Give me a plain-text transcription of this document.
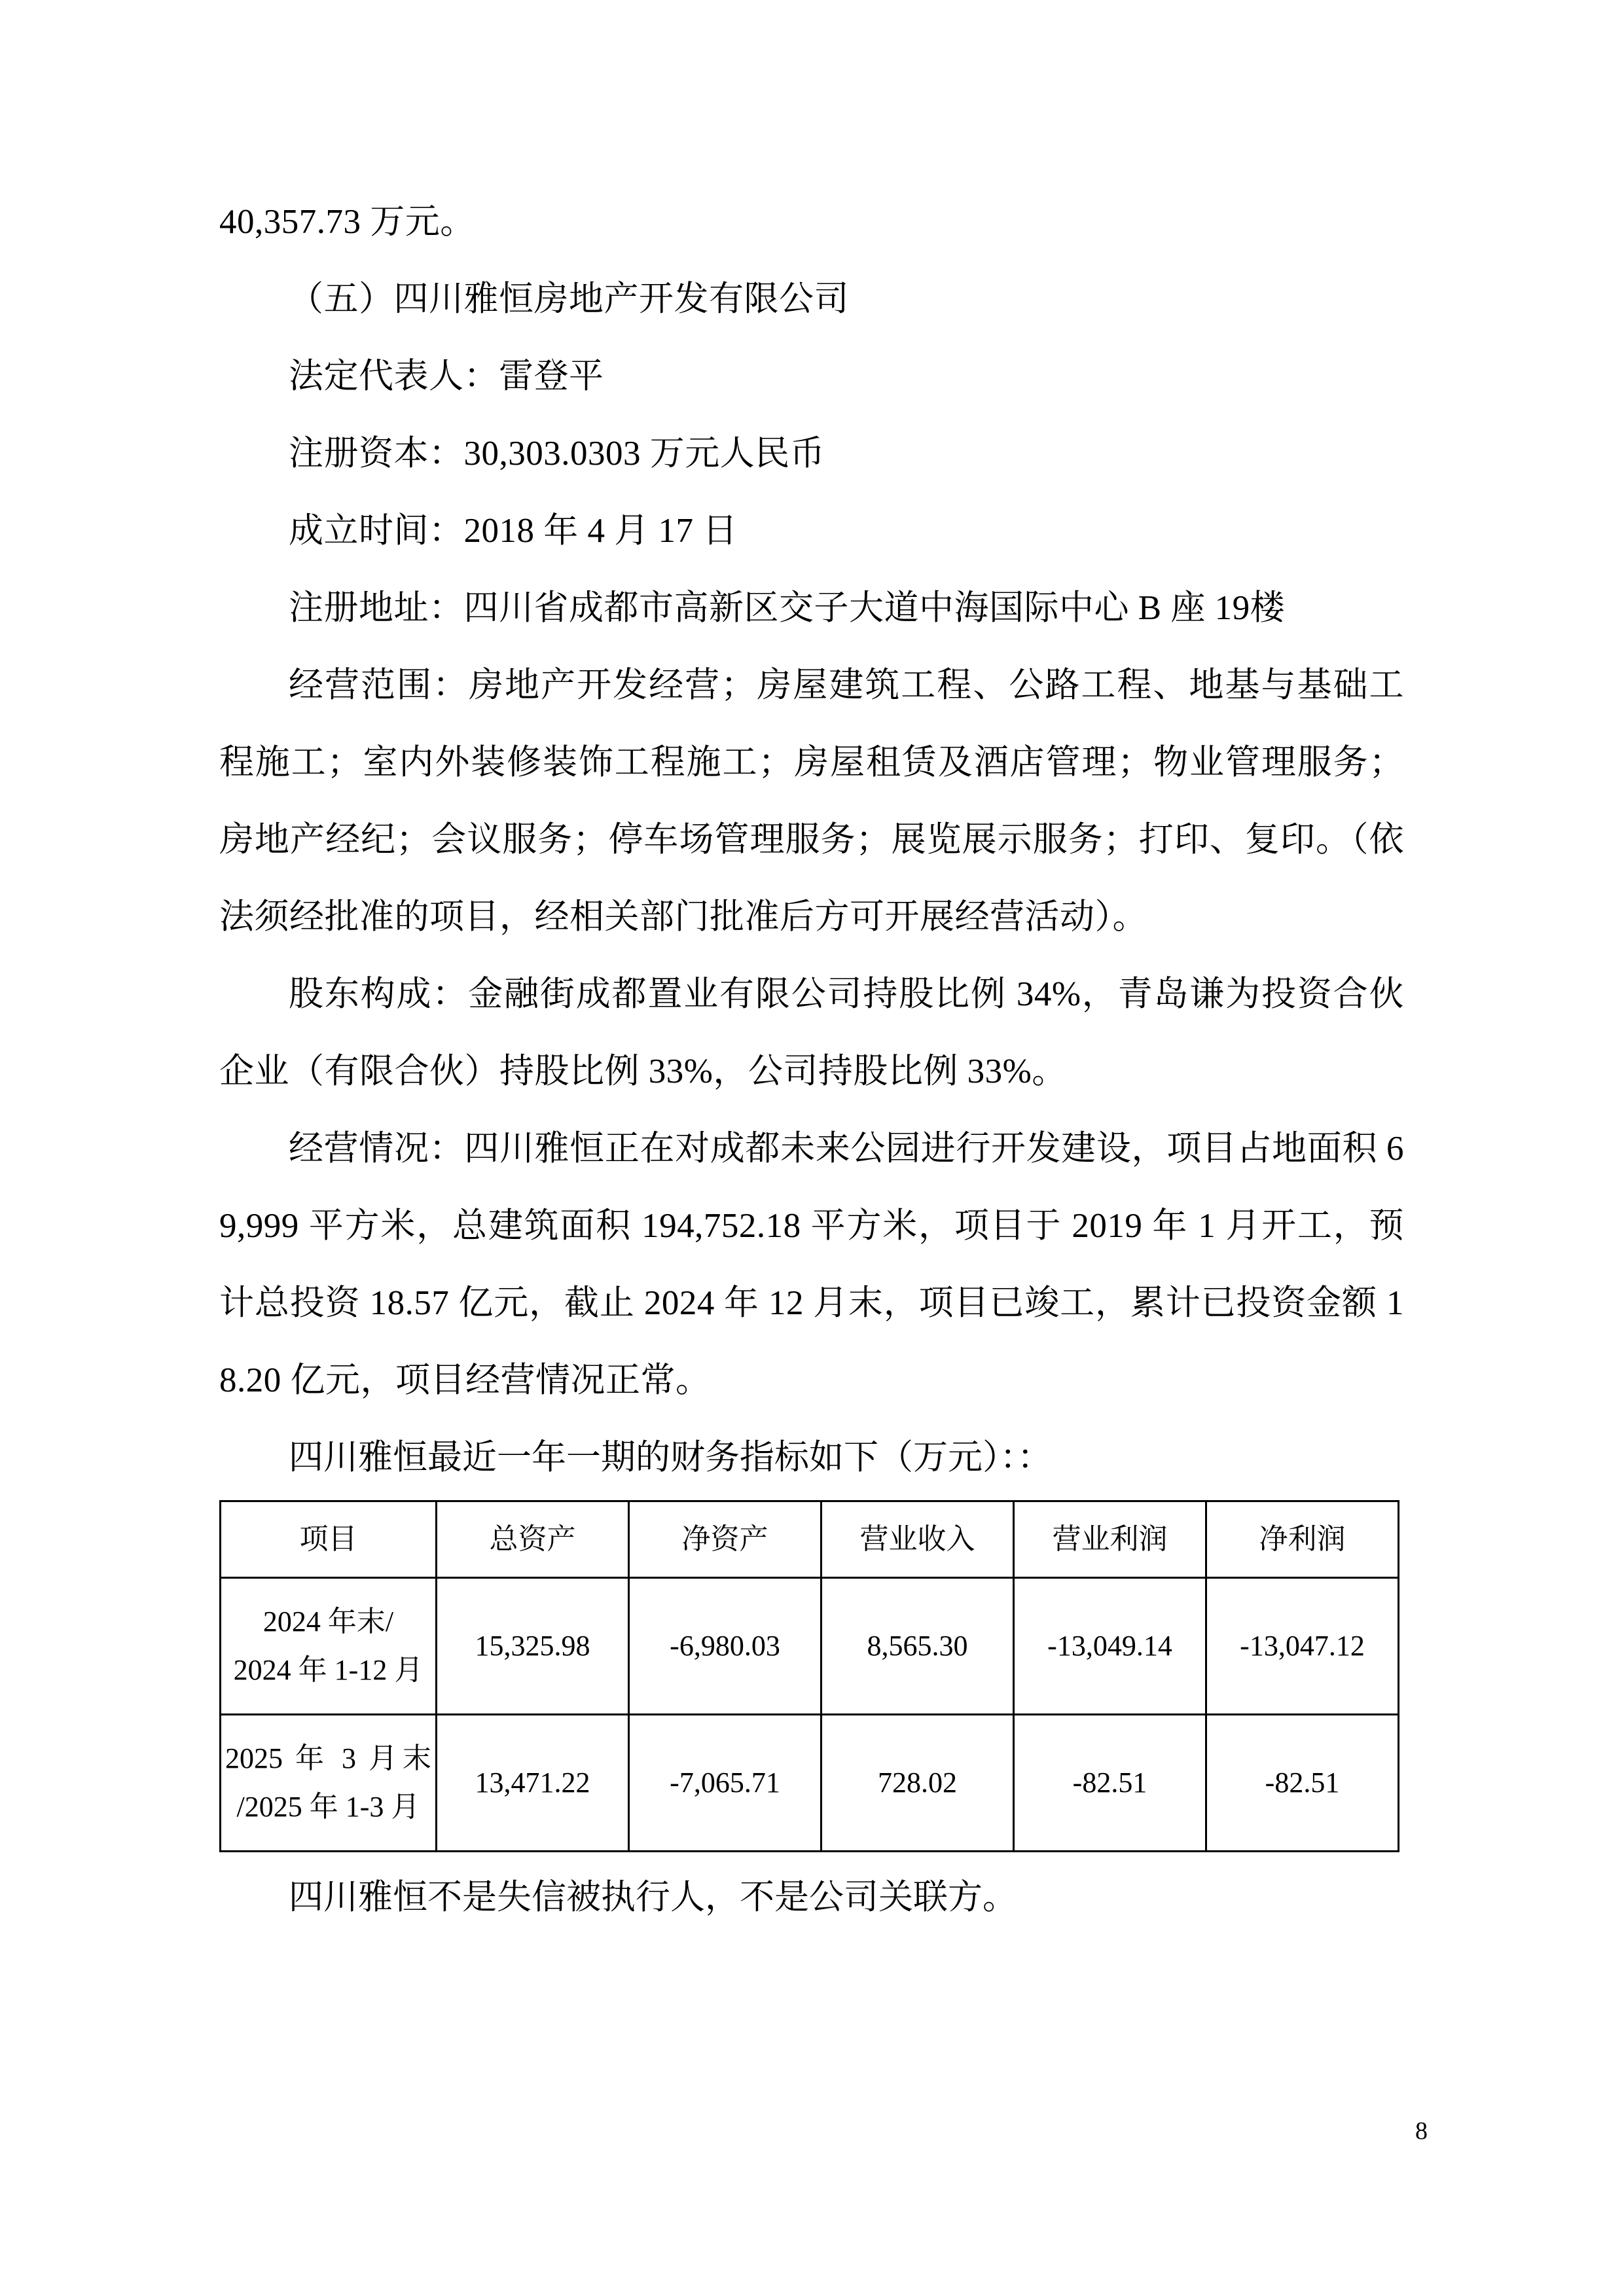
40,357.73 万元。

（五）四川雅恒房地产开发有限公司

法定代表人：雷登平

注册资本：30,303.0303 万元人民币

成立时间：2018 年 4 月 17 日

注册地址：四川省成都市高新区交子大道中海国际中心 B 座 19楼

经营范围：房地产开发经营；房屋建筑工程、公路工程、地基与基础工程施工；室内外装修装饰工程施工；房屋租赁及酒店管理；物业管理服务；房地产经纪；会议服务；停车场管理服务；展览展示服务；打印、复印。（依法须经批准的项目，经相关部门批准后方可开展经营活动）。

股东构成：金融街成都置业有限公司持股比例 34%，青岛谦为投资合伙企业（有限合伙）持股比例 33%，公司持股比例 33%。

经营情况：四川雅恒正在对成都未来公园进行开发建设，项目占地面积 69,999 平方米，总建筑面积 194,752.18 平方米，项目于 2019 年 1 月开工，预计总投资 18.57 亿元，截止 2024 年 12 月末，项目已竣工，累计已投资金额 18.20 亿元，项目经营情况正常。

四川雅恒最近一年一期的财务指标如下（万元）：：

项目	总资产	净资产	营业收入	营业利润	净利润

2024 年末/
2024 年 1-12 月	15,325.98	-6,980.03	8,565.30	-13,049.14	-13,047.12

2025 年 3 月末
/2025 年 1-3 月	13,471.22	-7,065.71	728.02	-82.51	-82.51

四川雅恒不是失信被执行人，不是公司关联方。

8
